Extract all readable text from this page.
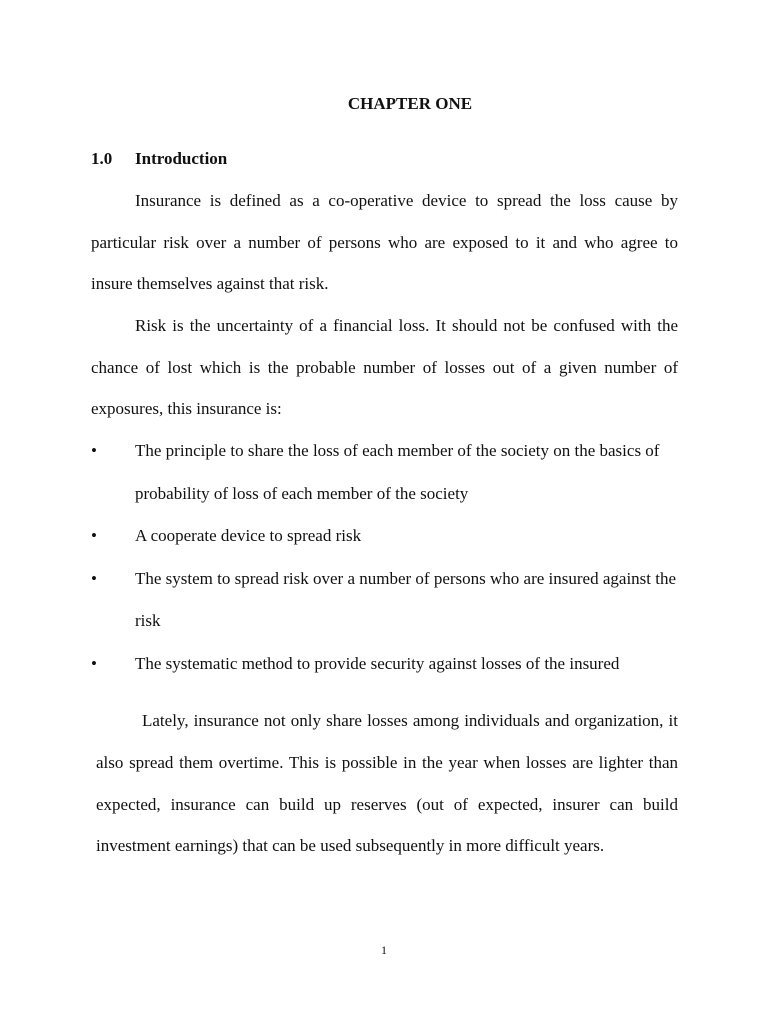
CHAPTER ONE
1.0 Introduction

Insurance is defined as a co-operative device to spread the loss cause by particular risk over a number of persons who are exposed to it and who agree to insure themselves against that risk.

Risk is the uncertainty of a financial loss. It should not be confused with the chance of lost which is the probable number of losses out of a given number of exposures, this insurance is:

• The principle to share the loss of each member of the society on the basics of probability of loss of each member of the society
• A cooperate device to spread risk
• The system to spread risk over a number of persons who are insured against the risk
• The systematic method to provide security against losses of the insured

Lately, insurance not only share losses among individuals and organization, it also spread them overtime. This is possible in the year when losses are lighter than expected, insurance can build up reserves (out of expected, insurer can build investment earnings) that can be used subsequently in more difficult years.

1
